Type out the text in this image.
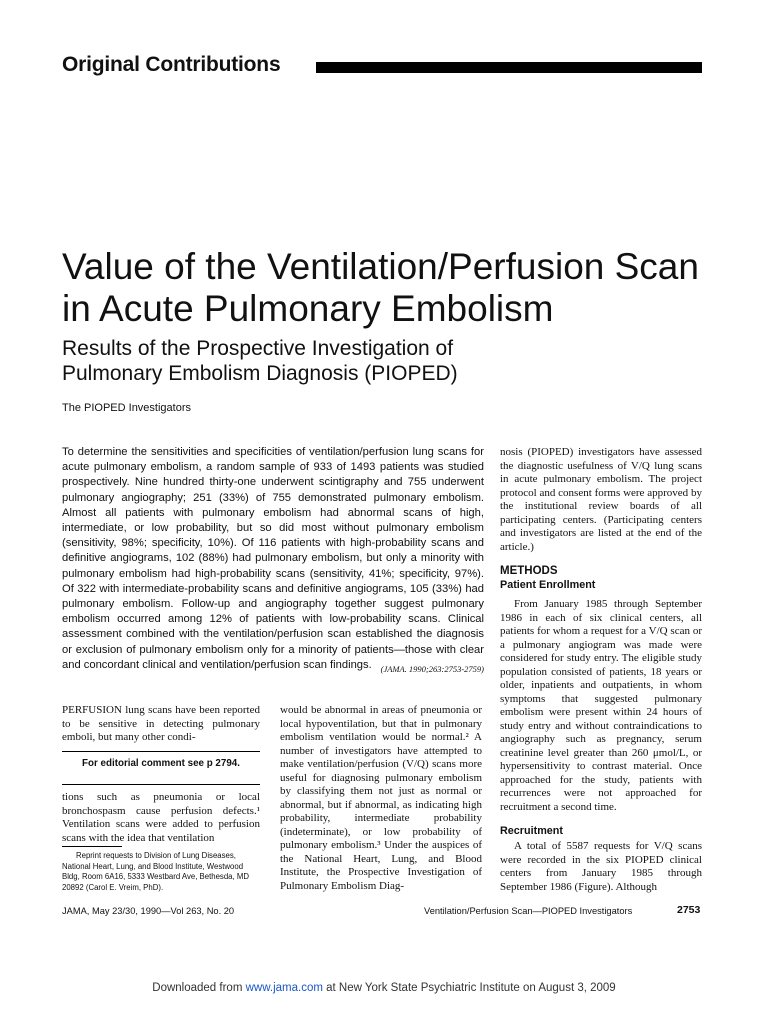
Original Contributions
Value of the Ventilation/Perfusion Scan in Acute Pulmonary Embolism
Results of the Prospective Investigation of Pulmonary Embolism Diagnosis (PIOPED)
The PIOPED Investigators
To determine the sensitivities and specificities of ventilation/perfusion lung scans for acute pulmonary embolism, a random sample of 933 of 1493 patients was studied prospectively. Nine hundred thirty-one underwent scintigraphy and 755 underwent pulmonary angiography; 251 (33%) of 755 demonstrated pulmonary embolism. Almost all patients with pulmonary embolism had abnormal scans of high, intermediate, or low probability, but so did most without pulmonary embolism (sensitivity, 98%; specificity, 10%). Of 116 patients with high-probability scans and definitive angiograms, 102 (88%) had pulmonary embolism, but only a minority with pulmonary embolism had high-probability scans (sensitivity, 41%; specificity, 97%). Of 322 with intermediate-probability scans and definitive angiograms, 105 (33%) had pulmonary embolism. Follow-up and angiography together suggest pulmonary embolism occurred among 12% of patients with low-probability scans. Clinical assessment combined with the ventilation/perfusion scan established the diagnosis or exclusion of pulmonary embolism only for a minority of patients—those with clear and concordant clinical and ventilation/perfusion scan findings.	(JAMA. 1990;263:2753-2759)

PERFUSION lung scans have been reported to be sensitive in detecting pulmonary emboli, but many other condi-

For editorial comment see p 2794.

tions such as pneumonia or local bronchospasm cause perfusion defects.¹ Ventilation scans were added to perfusion scans with the idea that ventilation

Reprint requests to Division of Lung Diseases, National Heart, Lung, and Blood Institute, Westwood Bldg, Room 6A16, 5333 Westbard Ave, Bethesda, MD 20892 (Carol E. Vreim, PhD).

would be abnormal in areas of pneumonia or local hypoventilation, but that in pulmonary embolism ventilation would be normal.² A number of investigators have attempted to make ventilation/perfusion (V/Q) scans more useful for diagnosing pulmonary embolism by classifying them not just as normal or abnormal, but if abnormal, as indicating high probability, intermediate probability (indeterminate), or low probability of pulmonary embolism.³ Under the auspices of the National Heart, Lung, and Blood Institute, the Prospective Investigation of Pulmonary Embolism Diag-

nosis (PIOPED) investigators have assessed the diagnostic usefulness of V/Q lung scans in acute pulmonary embolism. The project protocol and consent forms were approved by the institutional review boards of all participating centers. (Participating centers and investigators are listed at the end of the article.)

METHODS
Patient Enrollment

From January 1985 through September 1986 in each of six clinical centers, all patients for whom a request for a V/Q scan or a pulmonary angiogram was made were considered for study entry. The eligible study population consisted of patients, 18 years or older, inpatients and outpatients, in whom symptoms that suggested pulmonary embolism were present within 24 hours of study entry and without contraindications to angiography such as pregnancy, serum creatinine level greater than 260 μmol/L, or hypersensitivity to contrast material. Once approached for the study, patients with recurrences were not approached for recruitment a second time.

Recruitment

A total of 5587 requests for V/Q scans were recorded in the six PIOPED clinical centers from January 1985 through September 1986 (Figure). Although

JAMA, May 23/30, 1990—Vol 263, No. 20	Ventilation/Perfusion Scan—PIOPED Investigators	2753
Downloaded from www.jama.com at New York State Psychiatric Institute on August 3, 2009
